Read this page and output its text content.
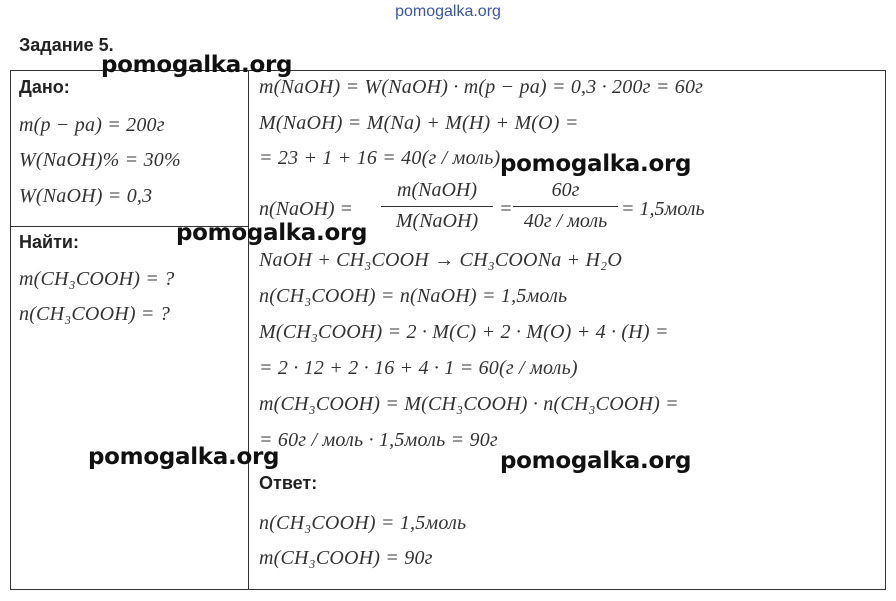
pomogalka.org
Задание 5.
Дано:
m(p − pa) = 200г
W(NaOH)% = 30%
W(NaOH) = 0,3
Найти:
m(CH₃COOH) = ?
n(CH₃COOH) = ?
m(NaOH) = W(NaOH) · m(p − pa) = 0,3 · 200г = 60г
M(NaOH) = M(Na) + M(H) + M(O) =
= 23 + 1 + 16 = 40(г / моль)
n(NaOH) =
m(NaOH)
M(NaOH)
=
60г
40г / моль
= 1,5моль
NaOH + CH₃COOH → CH₃COONa + H₂O
n(CH₃COOH) = n(NaOH) = 1,5моль
M(CH₃COOH) = 2 · M(C) + 2 · M(O) + 4 · (H) =
= 2 · 12 + 2 · 16 + 4 · 1 = 60(г / моль)
m(CH₃COOH) = M(CH₃COOH) · n(CH₃COOH) =
= 60г / моль · 1,5моль = 90г
Ответ:
n(CH₃COOH) = 1,5моль
m(CH₃COOH) = 90г
pomogalka.org
pomogalka.org
pomogalka.org
pomogalka.org	pomogalka.org
